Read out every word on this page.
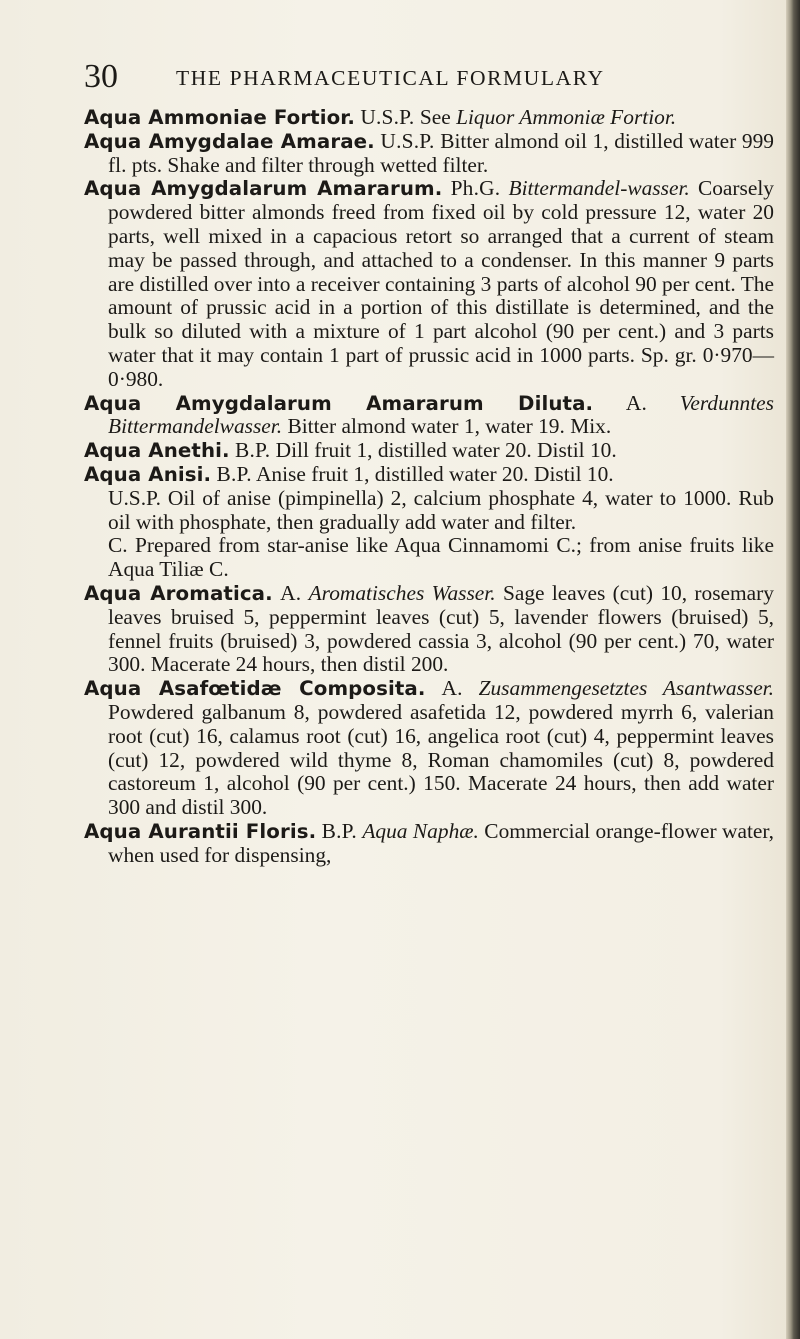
30	THE PHARMACEUTICAL FORMULARY

Aqua Ammoniae Fortior. U.S.P. See Liquor Ammoniæ Fortior.

Aqua Amygdalae Amarae. U.S.P. Bitter almond oil 1, distilled water 999 fl. pts. Shake and filter through wetted filter.

Aqua Amygdalarum Amararum. Ph.G. Bittermandel-wasser. Coarsely powdered bitter almonds freed from fixed oil by cold pressure 12, water 20 parts, well mixed in a capacious retort so arranged that a current of steam may be passed through, and attached to a condenser. In this manner 9 parts are distilled over into a receiver containing 3 parts of alcohol 90 per cent. The amount of prussic acid in a portion of this distillate is determined, and the bulk so diluted with a mixture of 1 part alcohol (90 per cent.) and 3 parts water that it may contain 1 part of prussic acid in 1000 parts. Sp. gr. 0·970—0·980.

Aqua Amygdalarum Amararum Diluta. A. Verdunntes Bittermandelwasser. Bitter almond water 1, water 19. Mix.

Aqua Anethi. B.P. Dill fruit 1, distilled water 20. Distil 10.

Aqua Anisi. B.P. Anise fruit 1, distilled water 20. Distil 10.

U.S.P. Oil of anise (pimpinella) 2, calcium phosphate 4, water to 1000. Rub oil with phosphate, then gradually add water and filter.

C. Prepared from star-anise like Aqua Cinnamomi C.; from anise fruits like Aqua Tiliæ C.

Aqua Aromatica. A. Aromatisches Wasser. Sage leaves (cut) 10, rosemary leaves bruised 5, peppermint leaves (cut) 5, lavender flowers (bruised) 5, fennel fruits (bruised) 3, powdered cassia 3, alcohol (90 per cent.) 70, water 300. Macerate 24 hours, then distil 200.

Aqua Asafœtidæ Composita. A. Zusammengesetztes Asantwasser. Powdered galbanum 8, powdered asafetida 12, powdered myrrh 6, valerian root (cut) 16, calamus root (cut) 16, angelica root (cut) 4, peppermint leaves (cut) 12, powdered wild thyme 8, Roman chamomiles (cut) 8, powdered castoreum 1, alcohol (90 per cent.) 150. Macerate 24 hours, then add water 300 and distil 300.

Aqua Aurantii Floris. B.P. Aqua Naphæ. Commercial orange-flower water, when used for dispensing,
